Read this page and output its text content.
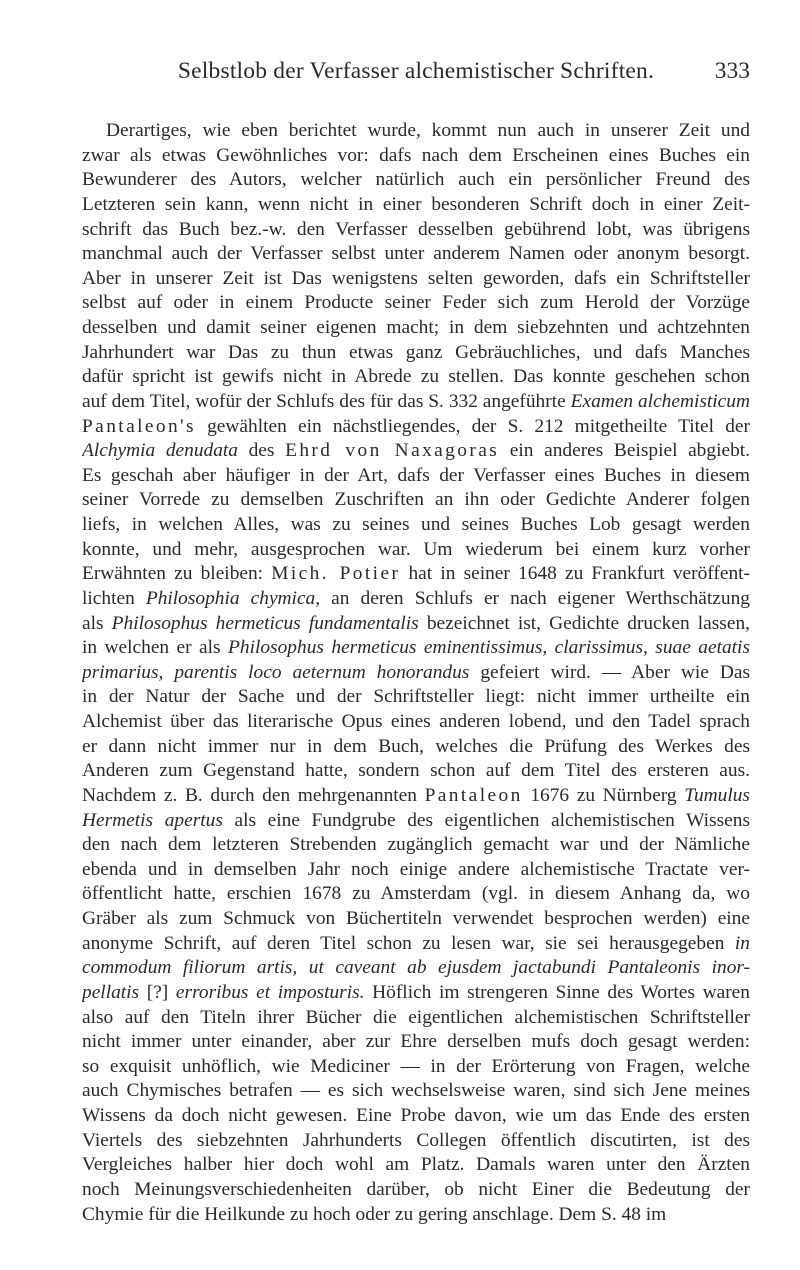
Selbstlob der Verfasser alchemistischer Schriften.	333
Derartiges, wie eben berichtet wurde, kommt nun auch in unserer Zeit und
zwar als etwas Gewöhnliches vor: dafs nach dem Erscheinen eines Buches ein
Bewunderer des Autors, welcher natürlich auch ein persönlicher Freund des
Letzteren sein kann, wenn nicht in einer besonderen Schrift doch in einer Zeit-
schrift das Buch bez.-w. den Verfasser desselben gebührend lobt, was übrigens
manchmal auch der Verfasser selbst unter anderem Namen oder anonym besorgt.
Aber in unserer Zeit ist Das wenigstens selten geworden, dafs ein Schriftsteller
selbst auf oder in einem Producte seiner Feder sich zum Herold der Vorzüge
desselben und damit seiner eigenen macht; in dem siebzehnten und achtzehnten
Jahrhundert war Das zu thun etwas ganz Gebräuchliches, und dafs Manches
dafür spricht ist gewifs nicht in Abrede zu stellen. Das konnte geschehen schon
auf dem Titel, wofür der Schlufs des für das S. 332 angeführte Examen alchemisticum
Pantaleon's gewählten ein nächstliegendes, der S. 212 mitgetheilte Titel der
Alchymia denudata des Ehrd von Naxagoras ein anderes Beispiel abgiebt.
Es geschah aber häufiger in der Art, dafs der Verfasser eines Buches in diesem
seiner Vorrede zu demselben Zuschriften an ihn oder Gedichte Anderer folgen
liefs, in welchen Alles, was zu seines und seines Buches Lob gesagt werden
konnte, und mehr, ausgesprochen war. Um wiederum bei einem kurz vorher
Erwähnten zu bleiben: Mich. Potier hat in seiner 1648 zu Frankfurt veröffent-
lichten Philosophia chymica, an deren Schlufs er nach eigener Werthschätzung
als Philosophus hermeticus fundamentalis bezeichnet ist, Gedichte drucken lassen,
in welchen er als Philosophus hermeticus eminentissimus, clarissimus, suae aetatis
primarius, parentis loco aeternum honorandus gefeiert wird. — Aber wie Das
in der Natur der Sache und der Schriftsteller liegt: nicht immer urtheilte ein
Alchemist über das literarische Opus eines anderen lobend, und den Tadel sprach
er dann nicht immer nur in dem Buch, welches die Prüfung des Werkes des
Anderen zum Gegenstand hatte, sondern schon auf dem Titel des ersteren aus.
Nachdem z. B. durch den mehrgenannten Pantaleon 1676 zu Nürnberg Tumulus
Hermetis apertus als eine Fundgrube des eigentlichen alchemistischen Wissens
den nach dem letzteren Strebenden zugänglich gemacht war und der Nämliche
ebenda und in demselben Jahr noch einige andere alchemistische Tractate ver-
öffentlicht hatte, erschien 1678 zu Amsterdam (vgl. in diesem Anhang da, wo
Gräber als zum Schmuck von Büchertiteln verwendet besprochen werden) eine
anonyme Schrift, auf deren Titel schon zu lesen war, sie sei herausgegeben in
commodum filiorum artis, ut caveant ab ejusdem jactabundi Pantaleonis inor-
pellatis [?] erroribus et imposturis. Höflich im strengeren Sinne des Wortes waren
also auf den Titeln ihrer Bücher die eigentlichen alchemistischen Schriftsteller
nicht immer unter einander, aber zur Ehre derselben mufs doch gesagt werden:
so exquisit unhöflich, wie Mediciner — in der Erörterung von Fragen, welche
auch Chymisches betrafen — es sich wechselsweise waren, sind sich Jene meines
Wissens da doch nicht gewesen. Eine Probe davon, wie um das Ende des ersten
Viertels des siebzehnten Jahrhunderts Collegen öffentlich discutirten, ist des
Vergleiches halber hier doch wohl am Platz. Damals waren unter den Ärzten
noch Meinungsverschiedenheiten darüber, ob nicht Einer die Bedeutung der
Chymie für die Heilkunde zu hoch oder zu gering anschlage. Dem S. 48 im
